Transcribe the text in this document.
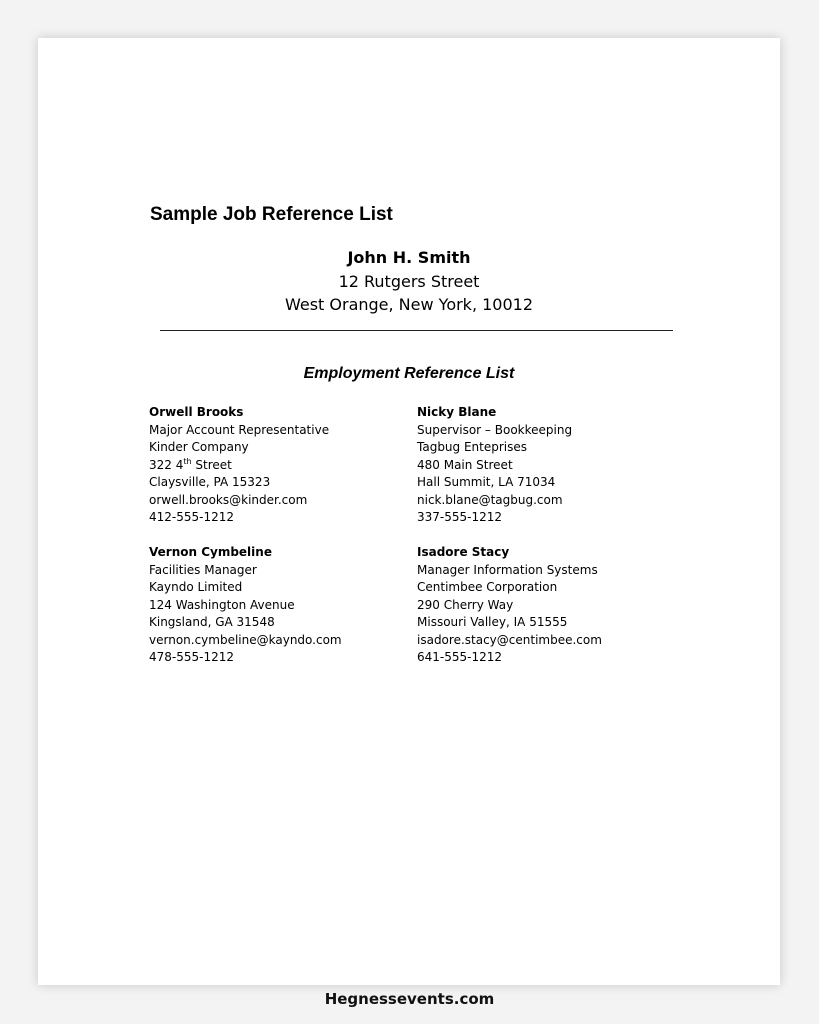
Sample Job Reference List
John H. Smith
12 Rutgers Street
West Orange, New York, 10012
Employment Reference List
Orwell Brooks
Major Account Representative
Kinder Company
322 4th Street
Claysville, PA 15323
orwell.brooks@kinder.com
412-555-1212
Nicky Blane
Supervisor – Bookkeeping
Tagbug Enteprises
480 Main Street
Hall Summit, LA 71034
nick.blane@tagbug.com
337-555-1212
Vernon Cymbeline
Facilities Manager
Kayndo Limited
124 Washington Avenue
Kingsland, GA 31548
vernon.cymbeline@kayndo.com
478-555-1212
Isadore Stacy
Manager Information Systems
Centimbee Corporation
290 Cherry Way
Missouri Valley, IA 51555
isadore.stacy@centimbee.com
641-555-1212
Hegnessevents.com
